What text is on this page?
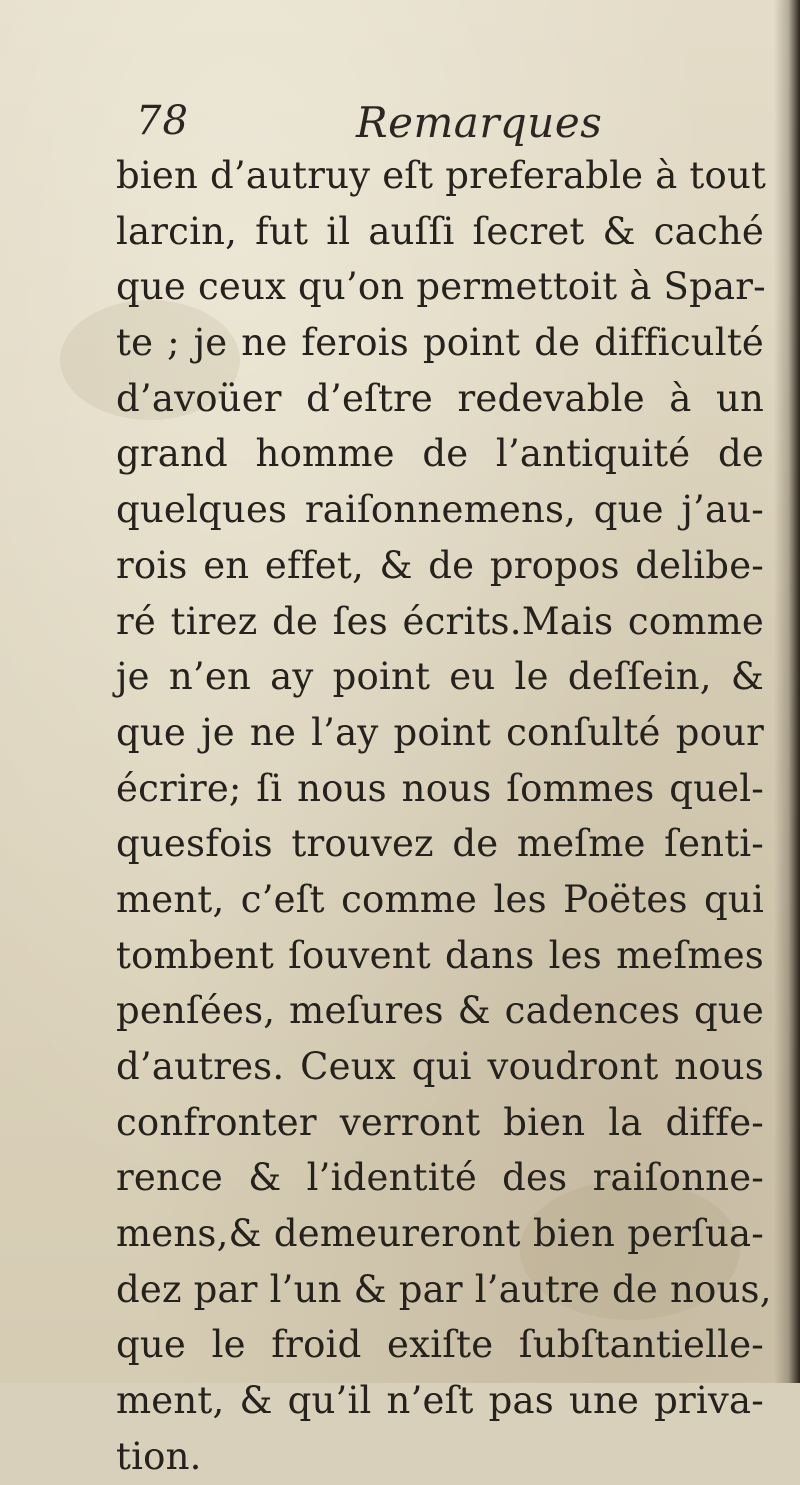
78	Remarques
bien d’autruy eſt preferable à tout
larcin, fut il auſſi ſecret & caché
que ceux qu’on permettoit à Spar-
te ; je ne ferois point de difficulté
d’avoüer d’eſtre redevable à un
grand homme de l’antiquité de
quelques raiſonnemens, que j’au-
rois en effet, & de propos delibe-
ré tirez de ſes écrits.Mais comme
je n’en ay point eu le deſſein, &
que je ne l’ay point conſulté pour
écrire; ſi nous nous ſommes quel-
quesfois trouvez de meſme ſenti-
ment, c’eſt comme les Poëtes qui
tombent ſouvent dans les meſmes
penſées, meſures & cadences que
d’autres. Ceux qui voudront nous
confronter verront bien la diffe-
rence & l’identité des raiſonne-
mens,& demeureront bien perſua-
dez par l’un & par l’autre de nous,
que le froid exiſte ſubſtantielle-
ment, & qu’il n’eſt pas une priva-
tion.
